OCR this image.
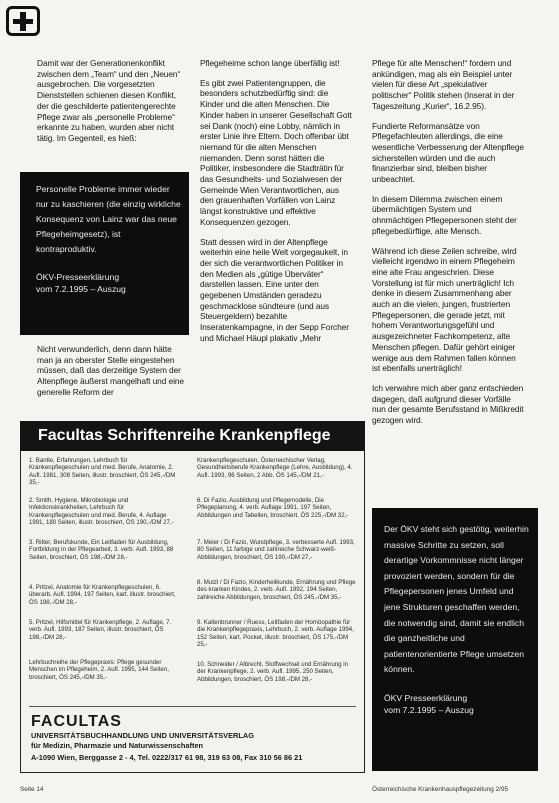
Damit war der Generationenkonflikt zwischen dem „Team“ und den „Neuen“ ausgebrochen. Die vorgesetzten Dienststellen schienen diesen Konflikt, der die geschilderte patientengerechte Pflege zwar als „personelle Probleme“ erkannte zu haben, wurden aber nicht tätig. Im Gegenteil, es hieß:

Personelle Probleme immer wieder nur zu kaschieren (die einzig wirkliche Konsequenz von Lainz war das neue Pflegeheimgesetz), ist kontraproduktiv.

ÖKV-Presseerklärung
vom 7.2.1995 – Auszug

Nicht verwunderlich, denn dann hätte man ja an oberster Stelle eingestehen müssen, daß das derzeitige System der Altenpflege äußerst mangelhaft und eine generelle Reform der

Pflegeheime schon lange überfällig ist!

Es gibt zwei Patientengruppen, die besonders schutzbedürftig sind: die Kinder und die alten Menschen. Die Kinder haben in unserer Gesellschaft Gott sei Dank (noch) eine Lobby, nämlich in erster Linie ihre Eltern. Doch offenbar übt niemand für die alten Menschen niemanden. Denn sonst hätten die Politiker, insbesondere die Stadträtin für das Gesundheits- und Sozialwesen der Gemeinde Wien Verantwortlichen, aus den grauenhaften Vorfällen von Lainz längst konstruktive und effektive Konsequenzen gezogen.

Statt dessen wird in der Altenpflege weiterhin eine heile Welt vorgegaukelt, in der sich die verantwortlichen Politiker in den Medien als „gütige Überväter“ darstellen lassen. Eine unter den gegebenen Umständen geradezu geschmacklose sündteure (und aus Steuergeldern) bezahlte Inseratenkampagne, in der Sepp Forcher und Michael Häupl plakativ „Mehr

Pflege für alte Menschen!“ fordern und ankündigen, mag als ein Beispiel unter vielen für diese Art „spekulativer politischer“ Politik stehen (Inserat in der Tageszeitung „Kurier“, 16.2.95).

Fundierte Reformansätze von Pflegefachleuten allerdings, die eine wesentliche Verbesserung der Altenpflege sicherstellen würden und die auch finanzierbar sind, bleiben bisher unbeachtet.

In diesem Dilemma zwischen einem übermächtigen System und ohnmächtigen Pflegepersonen steht der pflegebedürftige, alte Mensch.

Während ich diese Zeilen schreibe, wird vielleicht irgendwo in einem Pflegeheim eine alte Frau angeschrien. Diese Vorstellung ist für mich unerträglich! Ich denke in diesem Zusammenhang aber auch an die vielen, jungen, frustrierten Pflegepersonen, die gerade jetzt, mit hohem Verantwortungsgefühl und ausgezeichneter Fachkompetenz, alte Menschen pflegen. Dafür gehört einiger wenige aus dem Rahmen fallen können ist ebenfalls unerträglich!

Ich verwahre mich aber ganz entschieden dagegen, daß aufgrund dieser Vorfälle nun der gesamte Berufsstand in Mißkredit gezogen wird.

Der ÖKV steht sich gestötig, weiterhin massive Schritte zu setzen, soll derartige Vorkommnisse nicht länger provoziert werden, sondern für die Pflegepersonen jenes Umfeld und jene Strukturen geschaffen werden, die notwendig sind, damit sie endlich die ganzheitliche und patientenorientierte Pflege umsetzen können.

ÖKV Presseerklärung
vom 7.2.1995 – Auszug
Facultas Schriftenreihe Krankenpflege
1. Bantle, Erfahrungen, Lehrbuch für Krankenpflegeschulen und med. Berufe, Anatomie, 2. Aufl. 1981, 308 Seiten, illustr. broschiert, ÖS 245,-/DM 35,-
2. Smith, Hygiene, Mikrobiologie und Infektionskrankheiten, Lehrbuch für Krankenpflegeschulen und med. Berufe, 4. Auflage 1991, 180 Seiten, illustr. broschiert, ÖS 190,-/DM 27,-
3. Ritter, Berufskunde, Ein Leitfaden für Ausbildung, Fortbildung in der Pflegearbeit, 3. verb. Aufl. 1993, 88 Seiten, broschiert, ÖS 198,-/DM 28,-
4. Pritzel, Anatomie für Krankenpflegeschulen, 6. überarb. Aufl. 1994, 197 Seiten, kart. illustr. broschiert, ÖS 198,-/DM 28,-
5. Pritzel, Hilfsmittel für Krankenpflege, 2. Auflage, 7. verb. Aufl. 1993, 187 Seiten, illustr. broschiert, ÖS 198,-/DM 28,-
Lehrbuchreihe der Pflegepraxis: Pflege gesunder Menschen im Pflegeheim, 2. Aufl. 1995, 144 Seiten, broschiert, ÖS 245,-/DM 35,-
Krankenpflegeschulen, Österreichischer Verlag, Gesundheitsberufe Krankenpflege (Lehre, Ausbildung), 4. Aufl. 1993, 96 Seiten, 2 Abb. ÖS 145,-/DM 21,-
6. Di Fazio, Ausbildung und Pflegemodelle, Die Pflegeplanung, 4. verb. Auflage 1991, 197 Seiten, Abbildungen und Tabellen, broschiert, ÖS 225,-/DM 32,-
7. Meier / Di Fazio, Wundpflege, 3. verbesserte Aufl. 1993, 80 Seiten, 11 farbige und zahlreiche Schwarz-weiß-Abbildungen, broschiert, ÖS 190,-/DM 27,-
8. Mutzl / Di Fazio, Kinderheilkunde, Ernährung und Pflege des kranken Kindes, 2. verb. Aufl. 1992, 194 Seiten, zahlreiche Abbildungen, broschiert, ÖS 245,-/DM 35,-
9. Kaltenbrunner / Ruess, Leitfaden der Homöopathie für die Krankenpflegepraxis, Lehrbuch, 2. verb. Auflage 1994, 152 Seiten, kart. Pocket, illustr. broschiert, ÖS 175,-/DM 25,-
10. Schneider / Albrecht, Stoffwechsel und Ernährung in der Krankenpflege, 2. verb. Aufl. 1995, 250 Seiten, Abbildungen, broschiert, ÖS 198,-/DM 28,-
FACULTAS
UNIVERSITÄTSBUCHHANDLUNG UND UNIVERSITÄTSVERLAG
für Medizin, Pharmazie und Naturwissenschaften
A-1090 Wien, Berggasse 2 - 4, Tel. 0222/317 61 98, 319 63 08, Fax 310 56 86 21
Seite 14	Österreichische Krankenhauspflegezeitung 2/95
